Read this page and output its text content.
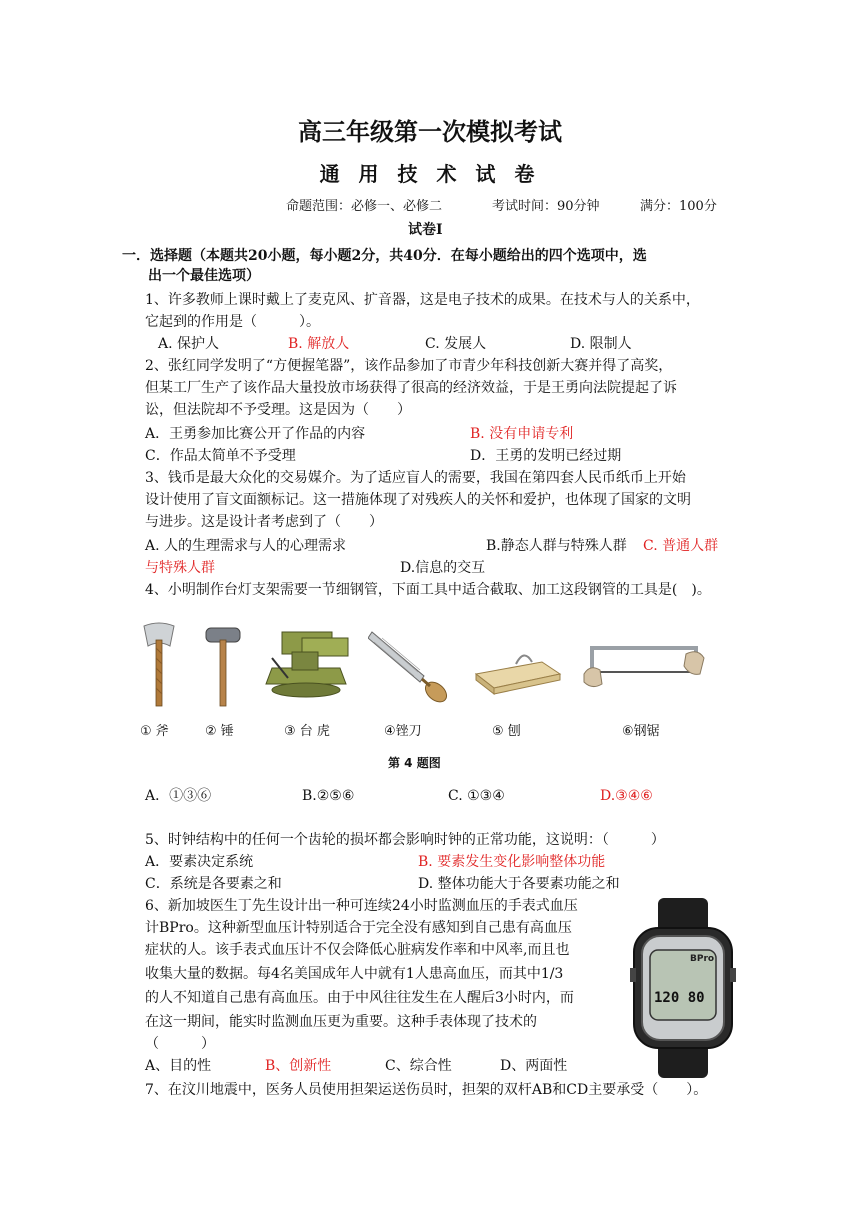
高三年级第一次模拟考试
通 用 技 术 试 卷
命题范围：必修一、必修二	考试时间：90分钟	满分：100分
试卷Ⅰ
一．选择题（本题共20小题，每小题2分，共40分．在每小题给出的四个选项中，选
出一个最佳选项）
1、许多教师上课时戴上了麦克风、扩音器，这是电子技术的成果。在技术与人的关系中，
它起到的作用是（　　　）。
A. 保护人	B. 解放人	C. 发展人	D. 限制人
2、张红同学发明了“方便握笔器”，该作品参加了市青少年科技创新大赛并得了高奖，
但某工厂生产了该作品大量投放市场获得了很高的经济效益，于是王勇向法院提起了诉
讼，但法院却不予受理。这是因为（　　）
A．王勇参加比赛公开了作品的内容	B. 没有申请专利
C．作品太简单不予受理	D．王勇的发明已经过期
3、钱币是最大众化的交易媒介。为了适应盲人的需要，我国在第四套人民币纸币上开始
设计使用了盲文面额标记。这一措施体现了对残疾人的关怀和爱护，也体现了国家的文明
与进步。这是设计者考虑到了（　　）
A. 人的生理需求与人的心理需求	B.静态人群与特殊人群 C. 普通人群
与特殊人群	D.信息的交互
4、小明制作台灯支架需要一节细钢管，下面工具中适合截取、加工这段钢管的工具是(　)。
① 斧	② 锤	③ 台 虎	④锉刀	⑤ 刨	⑥钢锯
第 4 题图
A．①③⑥	B.②⑤⑥	C. ①③④	D.③④⑥
5、时钟结构中的任何一个齿轮的损坏都会影响时钟的正常功能，这说明：（　　　）
A．要素决定系统	B. 要素发生变化影响整体功能
C．系统是各要素之和	D. 整体功能大于各要素功能之和
6、新加坡医生丁先生设计出一种可连续24小时监测血压的手表式血压
计BPro。这种新型血压计特别适合于完全没有感知到自己患有高血压
症状的人。该手表式血压计不仅会降低心脏病发作率和中风率,而且也
收集大量的数据。每4名美国成年人中就有1人患高血压，而其中1/3
的人不知道自己患有高血压。由于中风往往发生在人醒后3小时内，而
在这一期间，能实时监测血压更为重要。这种手表体现了技术的
（　　　）
BPro
120 80
A、目的性	B、创新性	C、综合性	D、两面性
7、在汶川地震中，医务人员使用担架运送伤员时，担架的双杆AB和CD主要承受（　　）。
